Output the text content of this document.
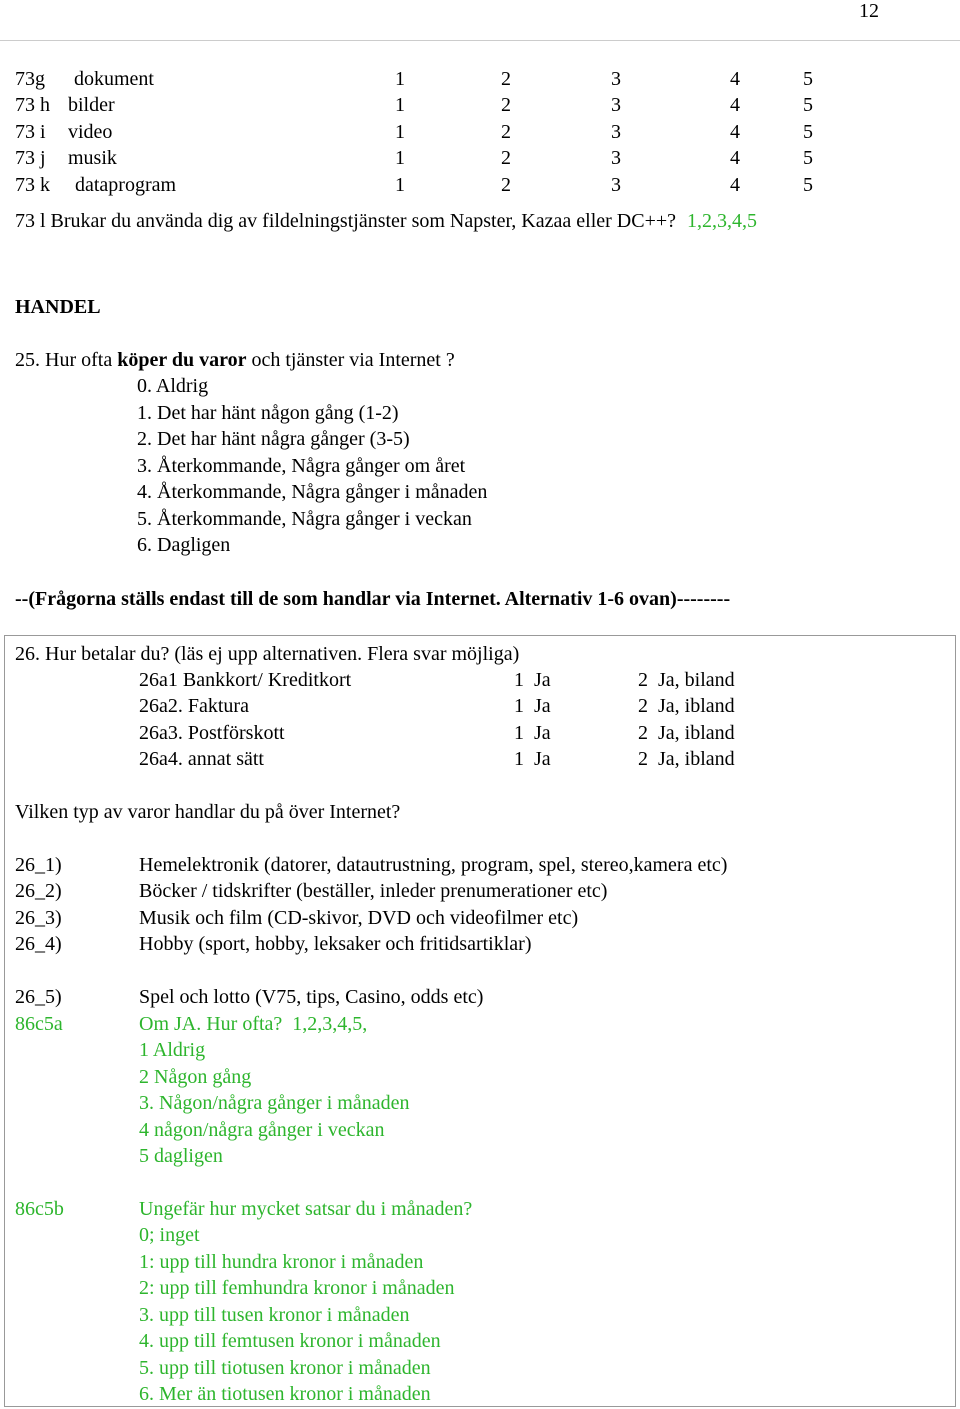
12
73g dokument	1	2	3	4	5
73 h bilder	1	2	3	4	5
73 i video	1	2	3	4	5
73 j musik	1	2	3	4	5
73 k dataprogram	1	2	3	4	5
73 l Brukar du använda dig av fildelningstjänster som Napster, Kazaa eller DC++? 1,2,3,4,5
HANDEL
25. Hur ofta köper du varor och tjänster via Internet ?
0. Aldrig
1. Det har hänt någon gång (1-2)
2. Det har hänt några gånger (3-5)
3. Återkommande, Några gånger om året
4. Återkommande, Några gånger i månaden
5. Återkommande, Några gånger i veckan
6. Dagligen
--(Frågorna ställs endast till de som handlar via Internet. Alternativ 1-6 ovan)--------
26. Hur betalar du? (läs ej upp alternativen. Flera svar möjliga)
26a1 Bankkort/ Kreditkort	1  Ja	2  Ja, biland
26a2. Faktura	1  Ja	2  Ja, ibland
26a3. Postförskott	1  Ja	2  Ja, ibland
26a4. annat sätt	1  Ja	2  Ja, ibland
Vilken typ av varor handlar du på över Internet?
26_1)	Hemelektronik (datorer, datautrustning, program, spel, stereo,kamera etc)
26_2)	Böcker / tidskrifter (beställer, inleder prenumerationer etc)
26_3)	Musik och film (CD-skivor, DVD och videofilmer etc)
26_4)	Hobby (sport, hobby, leksaker och fritidsartiklar)
26_5)	Spel och lotto (V75, tips, Casino, odds etc)
86c5a	Om JA. Hur ofta?  1,2,3,4,5,
1 Aldrig
2 Någon gång
3. Någon/några gånger i månaden
4 någon/några gånger i veckan
5 dagligen
86c5b	Ungefär hur mycket satsar du i månaden?
0; inget
1: upp till hundra kronor i månaden
2: upp till femhundra kronor i månaden
3. upp till tusen kronor i månaden
4. upp till femtusen kronor i månaden
5. upp till tiotusen kronor i månaden
6. Mer än tiotusen kronor i månaden
